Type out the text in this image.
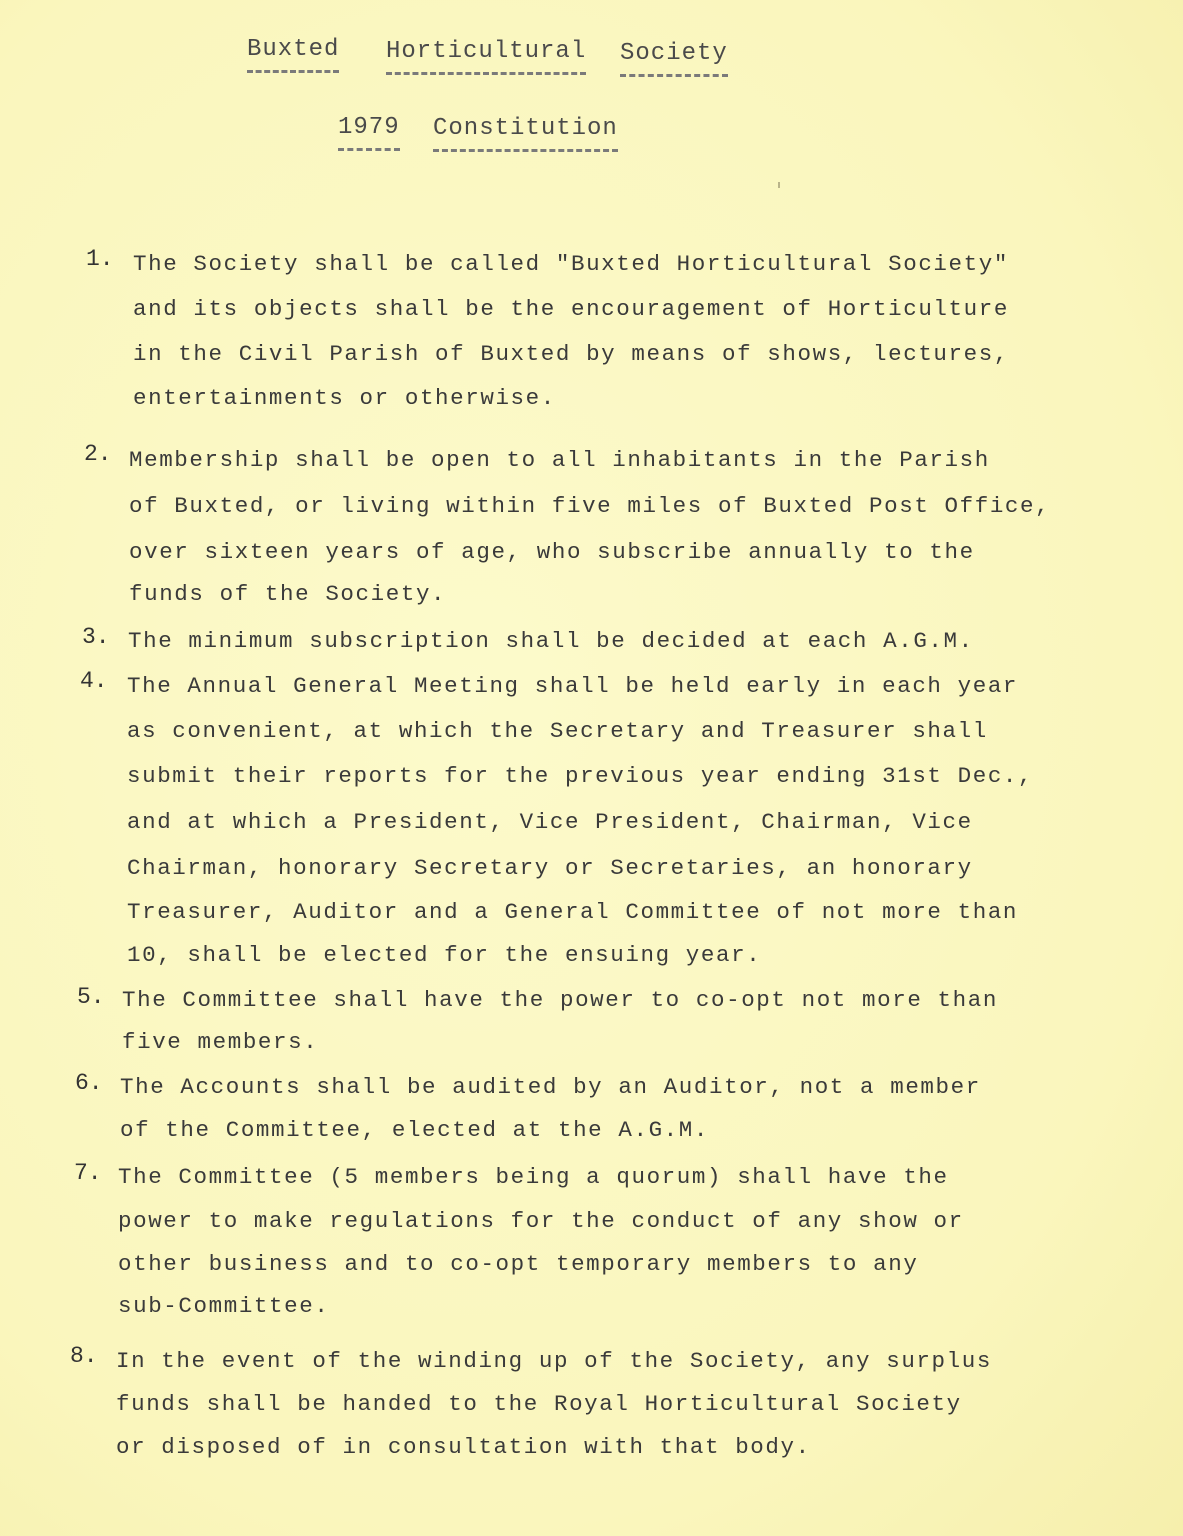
Buxted Horticultural Society
1979 Constitution
1. The Society shall be called "Buxted Horticultural Society"
and its objects shall be the encouragement of Horticulture
in the Civil Parish of Buxted by means of shows, lectures,
entertainments or otherwise.
2. Membership shall be open to all inhabitants in the Parish
of Buxted, or living within five miles of Buxted Post Office,
over sixteen years of age, who subscribe annually to the
funds of the Society.
3. The minimum subscription shall be decided at each A.G.M.
4. The Annual General Meeting shall be held early in each year
as convenient, at which the Secretary and Treasurer shall
submit their reports for the previous year ending 31st Dec.,
and at which a President, Vice President, Chairman, Vice
Chairman, honorary Secretary or Secretaries, an honorary
Treasurer, Auditor and a General Committee of not more than
10, shall be elected for the ensuing year.
5. The Committee shall have the power to co-opt not more than
five members.
6. The Accounts shall be audited by an Auditor, not a member
of the Committee, elected at the A.G.M.
7. The Committee (5 members being a quorum) shall have the
power to make regulations for the conduct of any show or
other business and to co-opt temporary members to any
sub-Committee.
8. In the event of the winding up of the Society, any surplus
funds shall be handed to the Royal Horticultural Society
or disposed of in consultation with that body.
